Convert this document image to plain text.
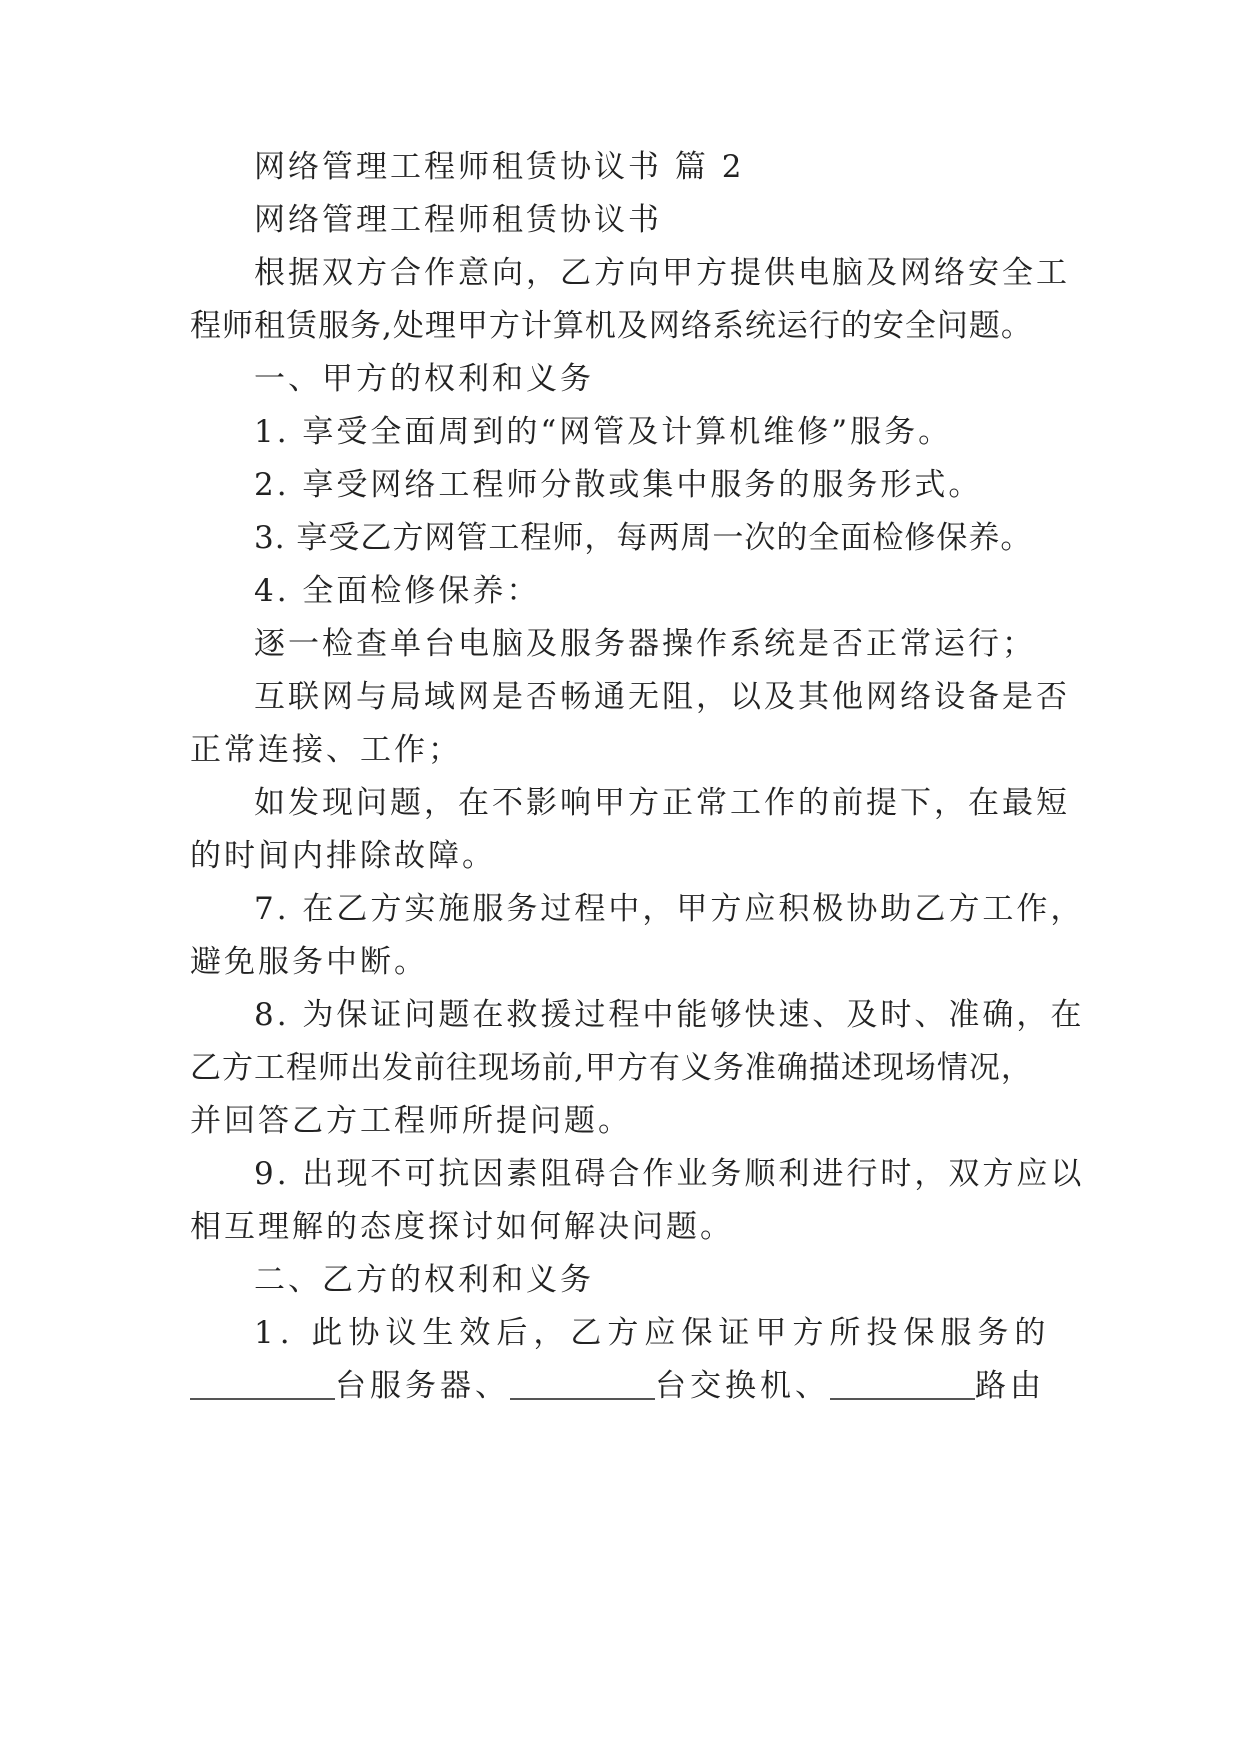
网络管理工程师租赁协议书 篇 2
网络管理工程师租赁协议书
根据双方合作意向，乙方向甲方提供电脑及网络安全工
程师租赁服务,处理甲方计算机及网络系统运行的安全问题。
一、甲方的权利和义务
1. 享受全面周到的“网管及计算机维修”服务。
2. 享受网络工程师分散或集中服务的服务形式。
3. 享受乙方网管工程师，每两周一次的全面检修保养。
4. 全面检修保养：
逐一检查单台电脑及服务器操作系统是否正常运行；
互联网与局域网是否畅通无阻，以及其他网络设备是否
正常连接、工作；
如发现问题，在不影响甲方正常工作的前提下，在最短
的时间内排除故障。
7. 在乙方实施服务过程中，甲方应积极协助乙方工作，
避免服务中断。
8. 为保证问题在救援过程中能够快速、及时、准确，在
乙方工程师出发前往现场前,甲方有义务准确描述现场情况，
并回答乙方工程师所提问题。
9. 出现不可抗因素阻碍合作业务顺利进行时，双方应以
相互理解的态度探讨如何解决问题。
二、乙方的权利和义务
1. 此协议生效后，乙方应保证甲方所投保服务的
台服务器、	台交换机、	路由
